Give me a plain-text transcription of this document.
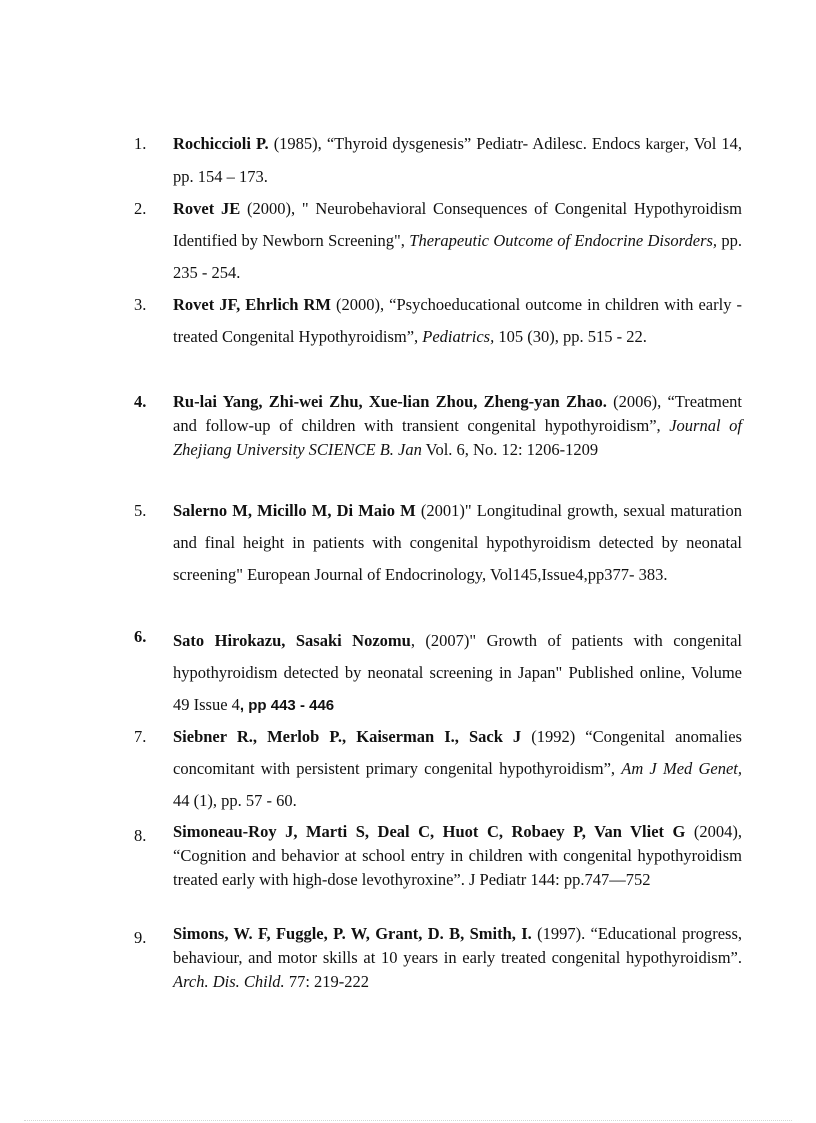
1.	Rochiccioli P. (1985), “Thyroid dysgenesis” Pediatr- Adilesc. Endocs karger, Vol 14, pp. 154 – 173.
2.	Rovet JE (2000), " Neurobehavioral Consequences of Congenital Hypothyroidism Identified by Newborn Screening", Therapeutic Outcome of Endocrine Disorders, pp. 235 - 254.
3.	Rovet JF, Ehrlich RM (2000), “Psychoeducational outcome in children with early - treated Congenital Hypothyroidism”, Pediatrics, 105 (30), pp. 515 - 22.
4.	Ru-lai Yang, Zhi-wei Zhu, Xue-lian Zhou, Zheng-yan Zhao. (2006), “Treatment and follow-up of children with transient congenital hypothyroidism”, Journal of Zhejiang University SCIENCE B. Jan Vol. 6, No. 12: 1206-1209
5.	Salerno M, Micillo M, Di Maio M (2001)" Longitudinal growth, sexual maturation and final height in patients with congenital hypothyroidism detected by neonatal screening" European Journal of Endocrinology, Vol145,Issue4,pp377- 383.
6.	Sato Hirokazu, Sasaki Nozomu, (2007)" Growth of patients with congenital hypothyroidism detected by neonatal screening in Japan" Published online, Volume 49 Issue 4, pp 443 - 446
7.	Siebner R., Merlob P., Kaiserman I., Sack J (1992) “Congenital anomalies concomitant with persistent primary congenital hypothyroidism”, Am J Med Genet, 44 (1), pp. 57 - 60.
8.	Simoneau-Roy J, Marti S, Deal C, Huot C, Robaey P, Van Vliet G (2004), “Cognition and behavior at school entry in children with congenital hypothyroidism treated early with high-dose levothyroxine”. J Pediatr 144: pp.747—752
9.	Simons, W. F, Fuggle, P. W, Grant, D. B, Smith, I. (1997). “Educational progress, behaviour, and motor skills at 10 years in early treated congenital hypothyroidism”. Arch. Dis. Child. 77: 219-222
